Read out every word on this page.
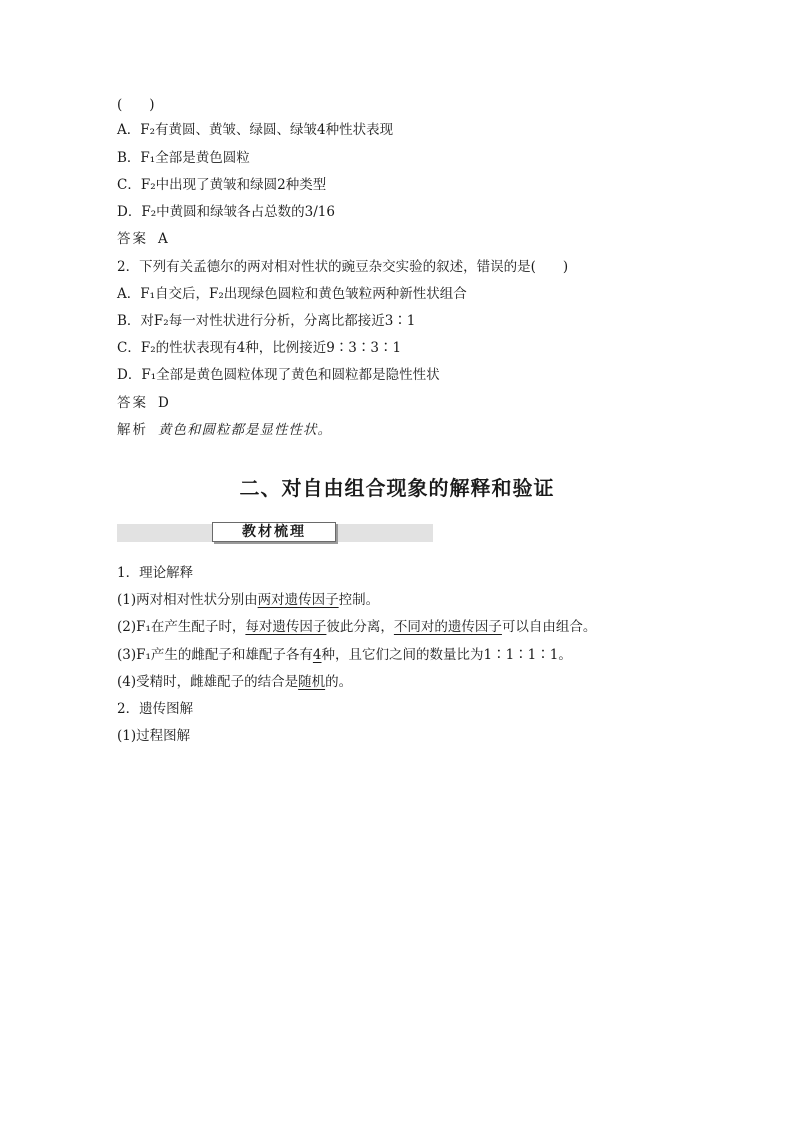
(　　)
A．F₂有黄圆、黄皱、绿圆、绿皱4种性状表现
B．F₁全部是黄色圆粒
C．F₂中出现了黄皱和绿圆2种类型
D．F₂中黄圆和绿皱各占总数的3/16
答案 A
2．下列有关孟德尔的两对相对性状的豌豆杂交实验的叙述，错误的是(　　)
A．F₁自交后，F₂出现绿色圆粒和黄色皱粒两种新性状组合
B．对F₂每一对性状进行分析，分离比都接近3∶1
C．F₂的性状表现有4种，比例接近9∶3∶3∶1
D．F₁全部是黄色圆粒体现了黄色和圆粒都是隐性性状
答案 D
解析 黄色和圆粒都是显性性状。
二、对自由组合现象的解释和验证
教材梳理
1．理论解释
(1)两对相对性状分别由两对遗传因子控制。
(2)F₁在产生配子时，每对遗传因子彼此分离，不同对的遗传因子可以自由组合。
(3)F₁产生的雌配子和雄配子各有4种，且它们之间的数量比为1∶1∶1∶1。
(4)受精时，雌雄配子的结合是随机的。
2．遗传图解
(1)过程图解
